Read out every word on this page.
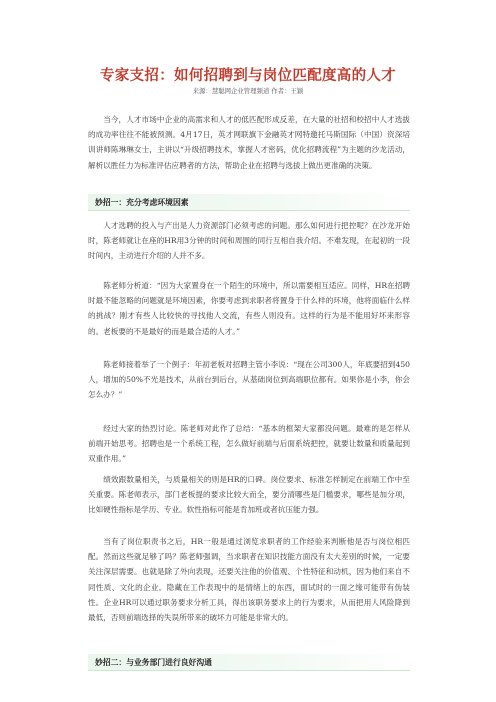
专家支招：如何招聘到与岗位匹配度高的人才
来源：慧聪网企业管理频道 作者：王颖

当今，人才市场中企业的高需求和人才的低匹配形成反差，在大量的社招和校招中人才选拔的成功率往往不能被预测。4月17日，英才网联旗下金融英才网特邀托马斯国际（中国）资深培训讲师陈琳琳女士，主讲以“升级招聘技术，掌握人才密码，优化招聘流程”为主题的沙龙活动，解析以胜任力为标准评估应聘者的方法，帮助企业在招聘与选拔上做出更准确的决策。

妙招一：充分考虑环境因素

人才选聘的投入与产出是人力资源部门必须考虑的问题。那么如何进行把控呢？在沙龙开始时，陈老师就让在座的HR用3分钟的时间和周围的同行互相自我介绍。不难发现，在起初的一段时间内，主动进行介绍的人并不多。

陈老师分析道：“因为大家置身在一个陌生的环境中，所以需要相互适应。同样，HR在招聘时最不能忽略的问题就是环境因素，你要考虑到求职者将置身于什么样的环境，他将面临什么样的挑战？刚才有些人比较快的寻找他人交流，有些人则没有。这样的行为是不能用好坏来形容的。老板要的不是最好的而是最合适的人才。”

陈老师接着举了一个例子：年初老板对招聘主管小李说：“现在公司300人，年底要招到450人，增加的50%不光是技术，从前台到后台，从基础岗位到高端职位都有。如果你是小李，你会怎么办？”

经过大家的热烈讨论。陈老师对此作了总结：“基本的框架大家都没问题。最难的是怎样从前端开始思考。招聘也是一个系统工程，怎么做好前端与后面系统把控，就要让数量和质量起到双重作用。”

绩效跟数量相关，与质量相关的则是HR的口碑。岗位要求、标准怎样制定在前端工作中至关重要。陈老师表示，部门老板提的要求比较大而全，要分清哪些是门槛要求，哪些是加分项，比如硬性指标是学历、专业。软性指标可能是肯加班或者抗压能力强。

当有了岗位职责书之后，HR一般是通过浏览求职者的工作经验来判断他是否与岗位相匹配。然而这些就足够了吗？陈老师强调，当求职者在知识技能方面没有太大差别的时候，一定要关注深层需要。也就是除了外向表现，还要关注他的价值观、个性特征和动机，因为他们来自不同性质、文化的企业。隐藏在工作表现中的是情绪上的东西，面试时的一面之缘可能带有伪装性。企业HR可以通过职务要求分析工具，得出该职务要求上的行为要求，从而把用人风险降到最低，否则前端选择的失误所带来的破坏力可能是非常大的。

妙招二：与业务部门进行良好沟通
